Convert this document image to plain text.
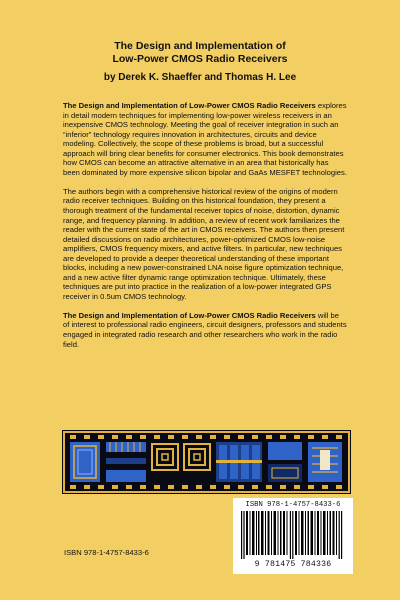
The Design and Implementation of
Low-Power CMOS Radio Receivers
by Derek K. Shaeffer and Thomas H. Lee

The Design and Implementation of Low-Power CMOS Radio Receivers explores in detail modern techniques for implementing low-power wireless receivers in an inexpensive CMOS technology. Meeting the goal of receiver integration in such an “inferior” technology requires innovation in architectures, circuits and device modeling. Collectively, the scope of these problems is broad, but a successful approach will bring clear benefits for consumer electronics. This book demonstrates how CMOS can become an attractive alternative in an area that historically has been dominated by more expensive silicon bipolar and GaAs MESFET technologies.

The authors begin with a comprehensive historical review of the origins of modern radio receiver techniques. Building on this historical foundation, they present a thorough treatment of the fundamental receiver topics of noise, distortion, dynamic range, and frequency planning. In addition, a review of recent work familiarizes the reader with the current state of the art in CMOS receivers. The authors then present detailed discussions on radio architectures, power-optimized CMOS low-noise amplifiers, CMOS frequency mixers, and active filters. In particular, new techniques are developed to provide a deeper theoretical understanding of these important blocks, including a new power-constrained LNA noise figure optimization technique, and a new active filter dynamic range optimization technique. Ultimately, these techniques are put into practice in the realization of a low-power integrated GPS receiver in 0.5um CMOS technology.

The Design and Implementation of Low-Power CMOS Radio Receivers will be of interest to professional radio engineers, circuit designers, professors and students engaged in integrated radio research and other researchers who work in the radio field.

ISBN 978-1-4757-8433-6
9 781475 784336
ISBN 978-1-4757-8433-6
